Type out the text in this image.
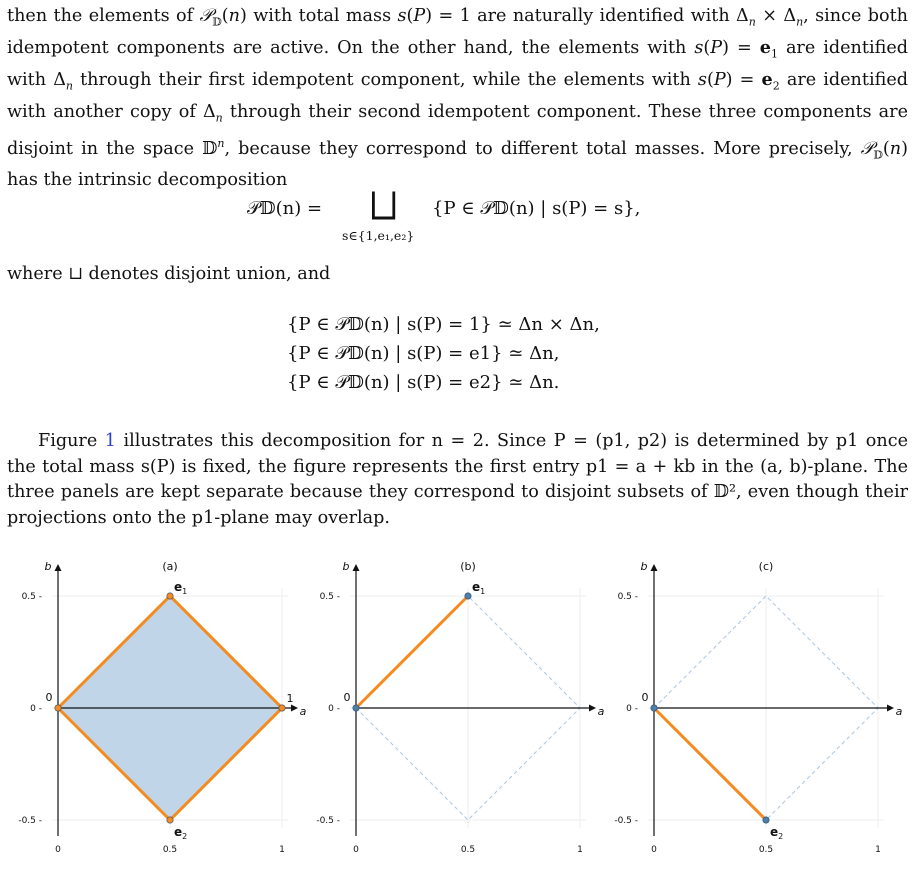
then the elements of 𝒫$_𝔻$(n) with total mass s(P) = 1 are naturally identified with $\Delta_n \times \Delta_n$, since both idempotent components are active. On the other hand, the elements with $s(P) = e_1$ are identified with $\Delta_n$ through their first idempotent component, while the elements with $s(P) = e_2$ are identified with another copy of $\Delta_n$ through their second idempotent component. These three components are disjoint in the space 𝔻$^n$, because they correspond to different total masses. More precisely, 𝒫$_𝔻$(n) has the intrinsic decomposition

𝒫𝔻(n) = ⨆
s∈{1,e₁,e₂}
{P ∈ 𝒫𝔻(n) | s(P) = s},

where ⊔ denotes disjoint union, and

{P ∈ 𝒫𝔻(n) | s(P) = 1} ≃ Δn × Δn,
{P ∈ 𝒫𝔻(n) | s(P) = e1} ≃ Δn,
{P ∈ 𝒫𝔻(n) | s(P) = e2} ≃ Δn.

Figure 1 illustrates this decomposition for n = 2. Since P = (p1, p2) is determined by p1 once the total mass s(P) is fixed, the figure represents the first entry p1 = a + kb in the (a, b)-plane. The three panels are kept separate because they correspond to disjoint subsets of 𝔻², even though their projections onto the p1-plane may overlap.

(a)
a
b
0	0.5	1
0.5 -
0 -
-0.5 -
$e_1$
$e_2$
0	1
(b)
a
b
0	0.5	1
0.5 -
0 -
-0.5 -
$e_1$
0
(c)
a
b
0	0.5	1
0.5 -
0 -
-0.5 -
$e_2$
0
